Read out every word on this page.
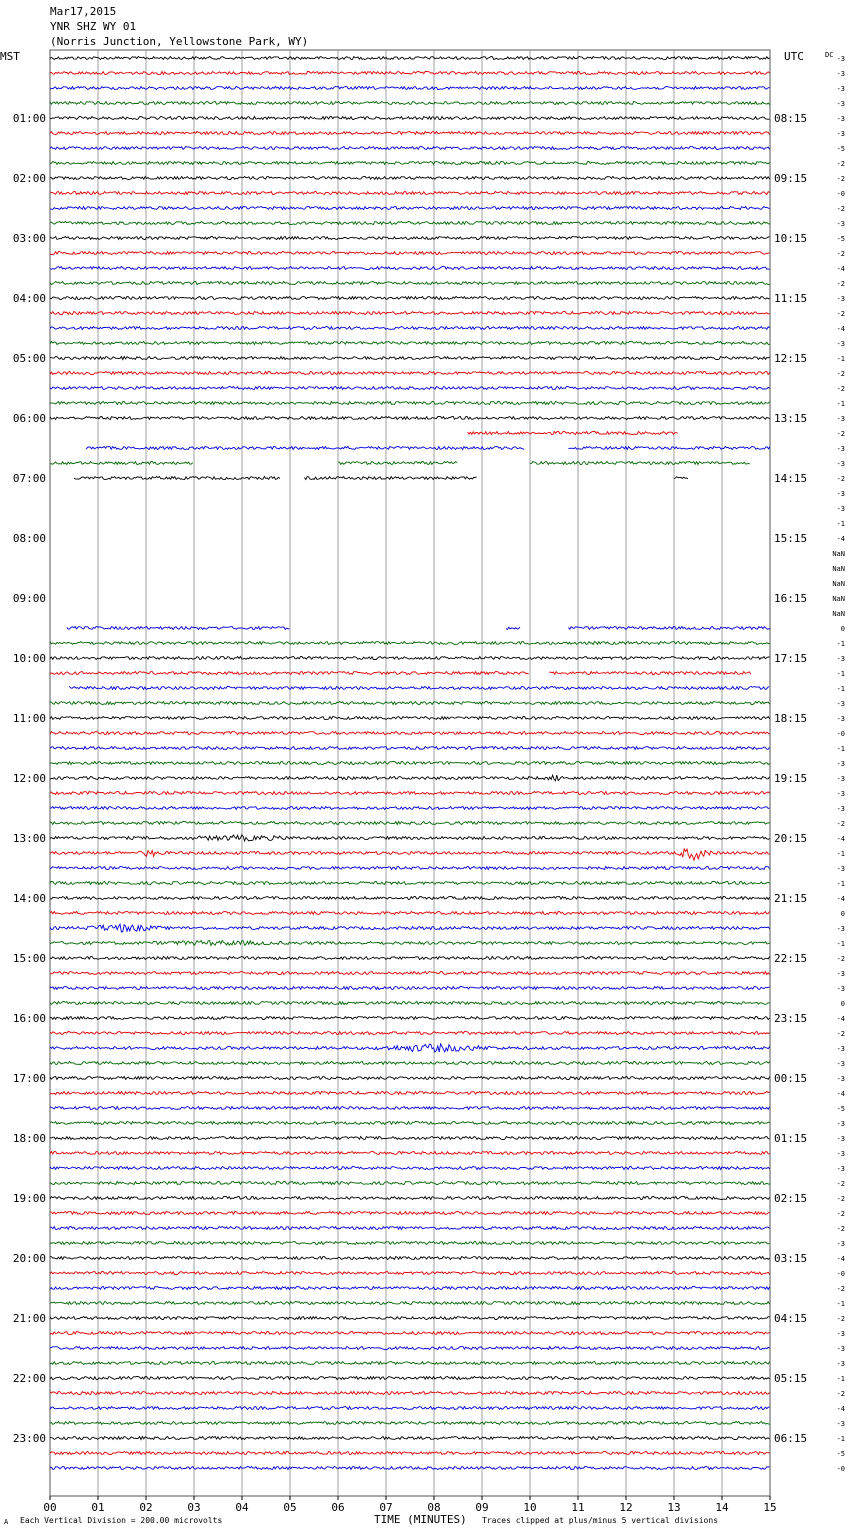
Mar17,2015
YNR SHZ WY 01
(Norris Junction, Yellowstone Park, WY)
00	01	02	03	04	05	06	07	08	09	10	11	12	13	14	15
01:00
02:00
03:00
04:00
05:00
06:00
07:00
08:00
09:00
10:00
11:00
12:00
13:00
14:00
15:00
16:00
17:00
18:00
19:00
20:00
21:00
22:00
23:00
08:15
09:15
10:15
11:15
12:15
13:15
14:15
15:15
16:15
17:15
18:15
19:15
20:15
21:15
22:15
23:15
00:15
01:15
02:15
03:15
04:15
05:15
06:15
-3
-3
-3
-3
-3
-3
-5
-2
-2
-0
-2
-3
-5
-2
-4
-2
-3
-2
-4
-3
-1
-2
-2
-1
-3
-2
-3
-3
-2
-3
-3
-1
-4
NaN
NaN
NaN
NaN
NaN
0
-1
-3
-1
-1
-3
-3
-0
-1
-3
-3
-3
-3
-2
-4
-1
-3
-1
-4
0
-3
-1
-2
-3
-3
0
-4
-2
-3
-3
-3
-4
-5
-3
-3
-3
-3
-2
-2
-2
-2
-3
-4
-0
-2
-1
-2
-3
-3
-3
-1
-2
-4
-3
-1
-5
-0
MST	UTC	DC
A Each Vertical Division = 200.00 microvolts	TIME (MINUTES) Traces clipped at plus/minus 5 vertical divisions
